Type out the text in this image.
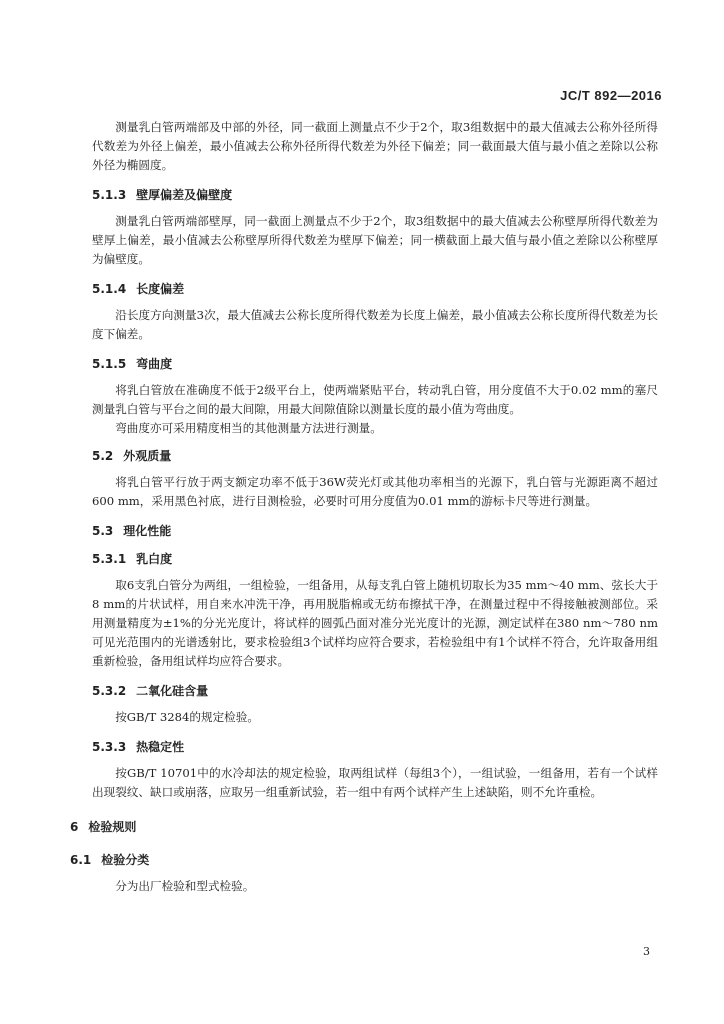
JC/T 892—2016

测量乳白管两端部及中部的外径，同一截面上测量点不少于2个，取3组数据中的最大值减去公称外径所得代数差为外径上偏差，最小值减去公称外径所得代数差为外径下偏差；同一截面最大值与最小值之差除以公称外径为椭圆度。

5.1.3 壁厚偏差及偏壁度

测量乳白管两端部壁厚，同一截面上测量点不少于2个，取3组数据中的最大值减去公称壁厚所得代数差为壁厚上偏差，最小值减去公称壁厚所得代数差为壁厚下偏差；同一横截面上最大值与最小值之差除以公称壁厚为偏壁度。

5.1.4 长度偏差

沿长度方向测量3次，最大值减去公称长度所得代数差为长度上偏差，最小值减去公称长度所得代数差为长度下偏差。

5.1.5 弯曲度

将乳白管放在准确度不低于2级平台上，使两端紧贴平台，转动乳白管，用分度值不大于0.02 mm的塞尺测量乳白管与平台之间的最大间隙，用最大间隙值除以测量长度的最小值为弯曲度。

弯曲度亦可采用精度相当的其他测量方法进行测量。

5.2 外观质量

将乳白管平行放于两支额定功率不低于36W荧光灯或其他功率相当的光源下，乳白管与光源距离不超过600 mm，采用黑色衬底，进行目测检验，必要时可用分度值为0.01 mm的游标卡尺等进行测量。

5.3 理化性能
5.3.1 乳白度

取6支乳白管分为两组，一组检验，一组备用，从每支乳白管上随机切取长为35 mm～40 mm、弦长大于8 mm的片状试样，用自来水冲洗干净，再用脱脂棉或无纺布擦拭干净，在测量过程中不得接触被测部位。采用测量精度为±1%的分光光度计，将试样的圆弧凸面对准分光光度计的光源，测定试样在380 nm～780 nm可见光范围内的光谱透射比，要求检验组3个试样均应符合要求，若检验组中有1个试样不符合，允许取备用组重新检验，备用组试样均应符合要求。

5.3.2 二氧化硅含量

按GB/T 3284的规定检验。

5.3.3 热稳定性

按GB/T 10701中的水冷却法的规定检验，取两组试样（每组3个），一组试验，一组备用，若有一个试样出现裂纹、缺口或崩落，应取另一组重新试验，若一组中有两个试样产生上述缺陷，则不允许重检。

6 检验规则
6.1 检验分类

分为出厂检验和型式检验。

3
